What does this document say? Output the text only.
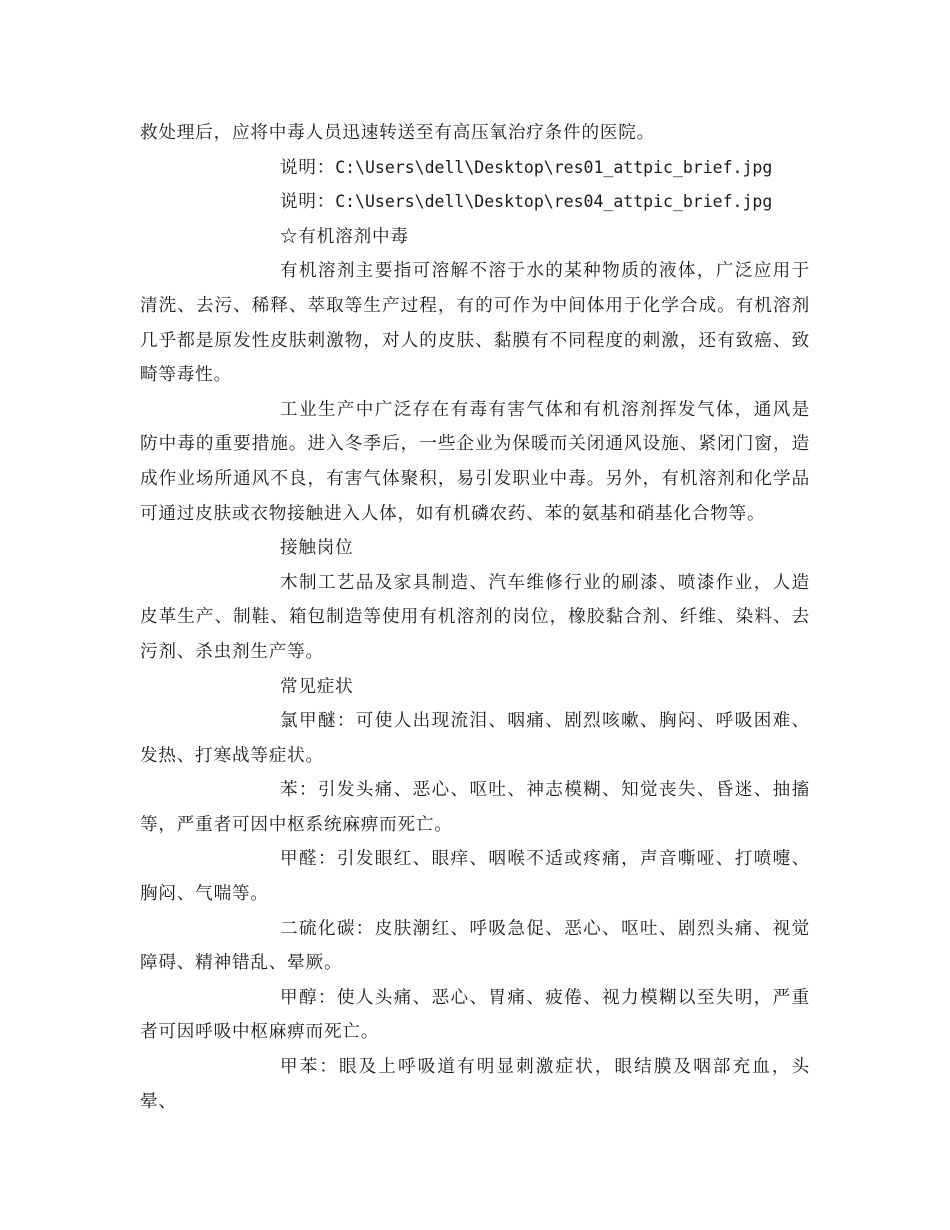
救处理后，应将中毒人员迅速转送至有高压氧治疗条件的医院。

说明：C:\Users\dell\Desktop\res01_attpic_brief.jpg

说明：C:\Users\dell\Desktop\res04_attpic_brief.jpg

☆有机溶剂中毒

有机溶剂主要指可溶解不溶于水的某种物质的液体，广泛应用于清洗、去污、稀释、萃取等生产过程，有的可作为中间体用于化学合成。有机溶剂几乎都是原发性皮肤刺激物，对人的皮肤、黏膜有不同程度的刺激，还有致癌、致畸等毒性。

工业生产中广泛存在有毒有害气体和有机溶剂挥发气体，通风是防中毒的重要措施。进入冬季后，一些企业为保暖而关闭通风设施、紧闭门窗，造成作业场所通风不良，有害气体聚积，易引发职业中毒。另外，有机溶剂和化学品可通过皮肤或衣物接触进入人体，如有机磷农药、苯的氨基和硝基化合物等。

接触岗位

木制工艺品及家具制造、汽车维修行业的刷漆、喷漆作业，人造皮革生产、制鞋、箱包制造等使用有机溶剂的岗位，橡胶黏合剂、纤维、染料、去污剂、杀虫剂生产等。

常见症状

氯甲醚：可使人出现流泪、咽痛、剧烈咳嗽、胸闷、呼吸困难、发热、打寒战等症状。

苯：引发头痛、恶心、呕吐、神志模糊、知觉丧失、昏迷、抽搐等，严重者可因中枢系统麻痹而死亡。

甲醛：引发眼红、眼痒、咽喉不适或疼痛，声音嘶哑、打喷嚏、胸闷、气喘等。

二硫化碳：皮肤潮红、呼吸急促、恶心、呕吐、剧烈头痛、视觉障碍、精神错乱、晕厥。

甲醇：使人头痛、恶心、胃痛、疲倦、视力模糊以至失明，严重者可因呼吸中枢麻痹而死亡。

甲苯：眼及上呼吸道有明显刺激症状，眼结膜及咽部充血，头晕、
